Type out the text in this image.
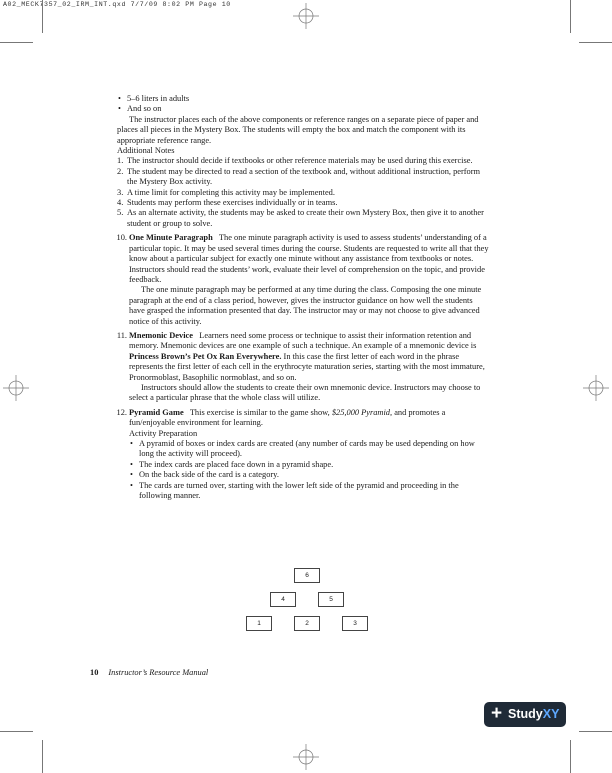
A02_MECK7357_02_IRM_INT.qxd 7/7/09 8:02 PM Page 10

• 5–6 liters in adults

• And so on

The instructor places each of the above components or reference ranges on a separate piece of paper and places all pieces in the Mystery Box. The students will empty the box and match the component with its appropriate reference range.

Additional Notes

1. The instructor should decide if textbooks or other reference materials may be used during this exercise.

2. The student may be directed to read a section of the textbook and, without additional instruction, perform the Mystery Box activity.

3. A time limit for completing this activity may be implemented.

4. Students may perform these exercises individually or in teams.

5. As an alternate activity, the students may be asked to create their own Mystery Box, then give it to another student or group to solve.

10. One Minute Paragraph The one minute paragraph activity is used to assess students’ understanding of a particular topic. It may be used several times during the course. Students are requested to write all that they know about a particular subject for exactly one minute without any assistance from textbooks or notes. Instructors should read the students’ work, evaluate their level of comprehension on the topic, and provide feedback.

The one minute paragraph may be performed at any time during the class. Composing the one minute paragraph at the end of a class period, however, gives the instructor guidance on how well the students have grasped the information presented that day. The instructor may or may not choose to give advanced notice of this activity.

11. Mnemonic Device Learners need some process or technique to assist their information retention and memory. Mnemonic devices are one example of such a technique. An example of a mnemonic device is Princess Brown’s Pet Ox Ran Everywhere. In this case the first letter of each word in the phrase represents the first letter of each cell in the erythrocyte maturation series, starting with the most immature, Pronormoblast, Basophilic normoblast, and so on.

Instructors should allow the students to create their own mnemonic device. Instructors may choose to select a particular phrase that the whole class will utilize.

12. Pyramid Game This exercise is similar to the game show, $25,000 Pyramid, and promotes a fun/enjoyable environment for learning.

Activity Preparation

• A pyramid of boxes or index cards are created (any number of cards may be used depending on how long the activity will proceed).

• The index cards are placed face down in a pyramid shape.

• On the back side of the card is a category.

• The cards are turned over, starting with the lower left side of the pyramid and proceeding in the following manner.

6
4	5
1	2	3
10 Instructor’s Resource Manual
+ StudyXY
